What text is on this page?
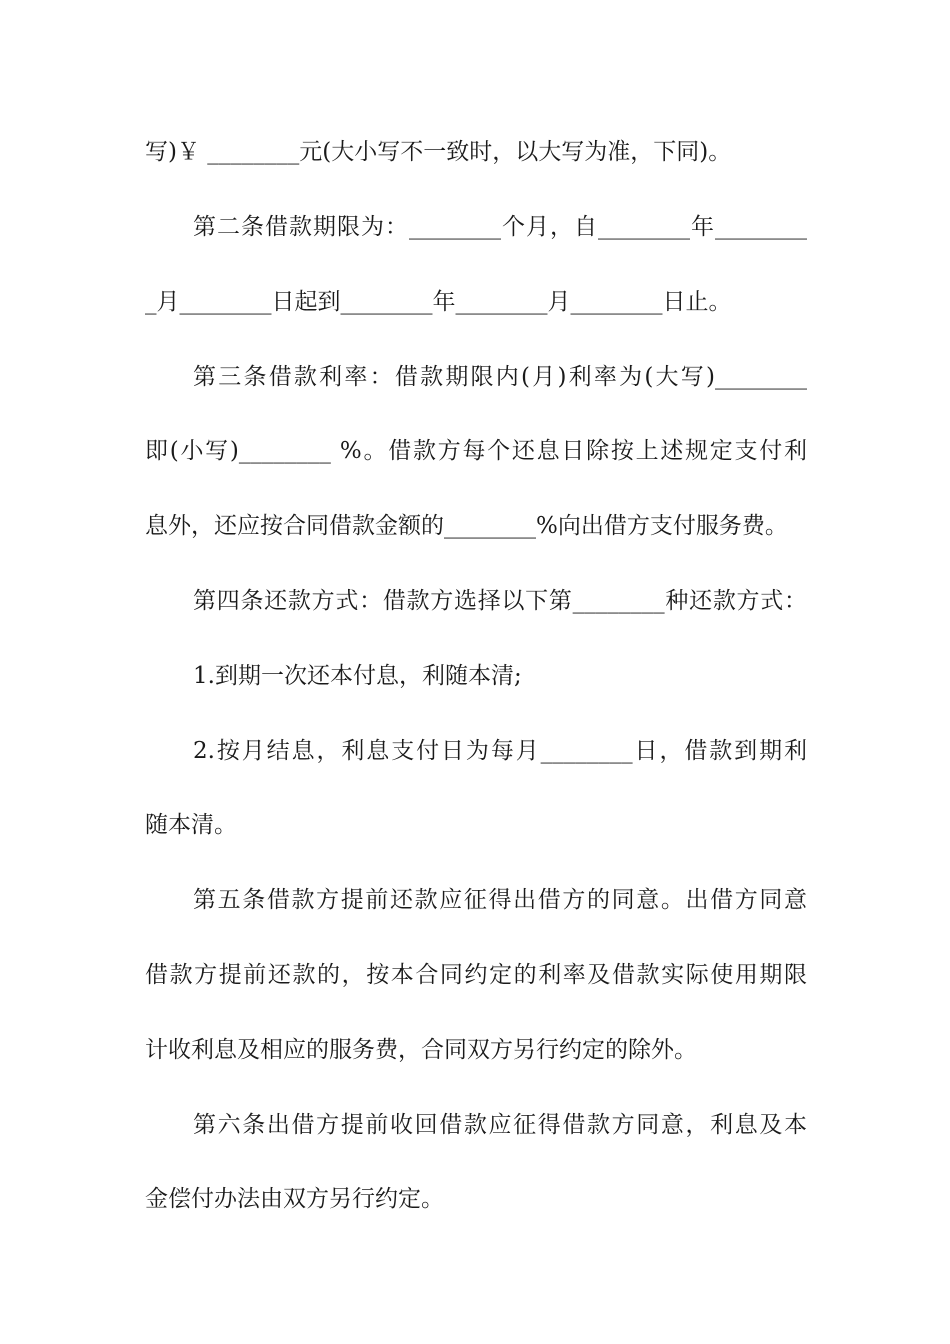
写)￥ ________元(大小写不一致时，以大写为准，下同)。
第二条借款期限为：________个月，自________年________
_月________日起到________年________月________日止。
第三条借款利率：借款期限内(月)利率为(大写)________
即(小写)________ %。借款方每个还息日除按上述规定支付利
息外，还应按合同借款金额的________%向出借方支付服务费。
第四条还款方式：借款方选择以下第________种还款方式：
1.到期一次还本付息，利随本清;
2.按月结息，利息支付日为每月________日，借款到期利
随本清。
第五条借款方提前还款应征得出借方的同意。出借方同意
借款方提前还款的，按本合同约定的利率及借款实际使用期限
计收利息及相应的服务费，合同双方另行约定的除外。
第六条出借方提前收回借款应征得借款方同意，利息及本
金偿付办法由双方另行约定。
